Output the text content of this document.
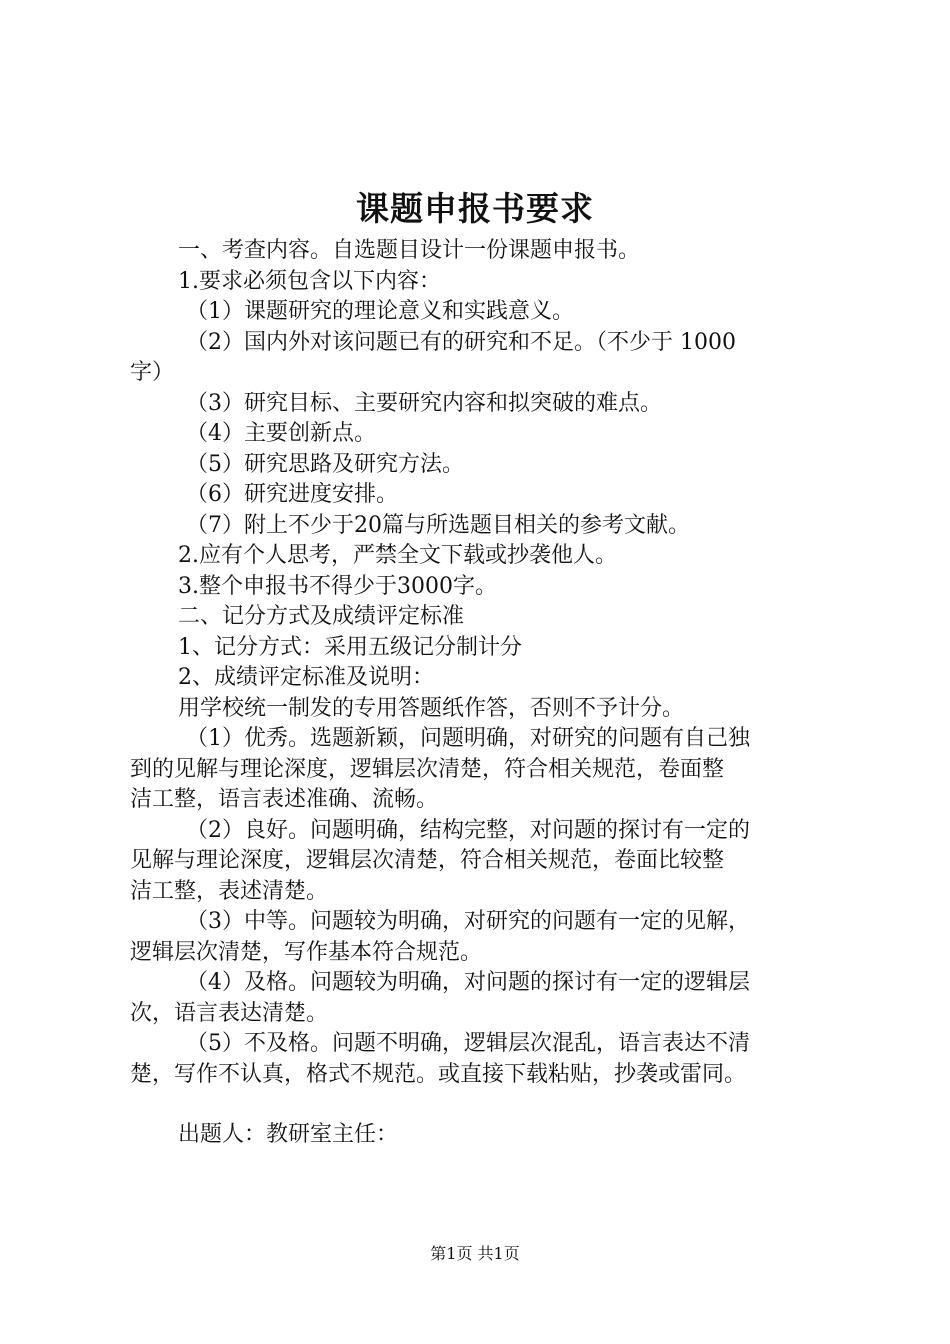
课题申报书要求

一、考查内容。自选题目设计一份课题申报书。

1.要求必须包含以下内容：

（1）课题研究的理论意义和实践意义。

（2）国内外对该问题已有的研究和不足。（不少于 1000

字）

（3）研究目标、主要研究内容和拟突破的难点。

（4）主要创新点。

（5）研究思路及研究方法。

（6）研究进度安排。

（7）附上不少于20篇与所选题目相关的参考文献。

2.应有个人思考，严禁全文下载或抄袭他人。

3.整个申报书不得少于3000字。

二、记分方式及成绩评定标准

1、记分方式：采用五级记分制计分

2、成绩评定标准及说明：

用学校统一制发的专用答题纸作答，否则不予计分。

（1）优秀。选题新颖，问题明确，对研究的问题有自己独

到的见解与理论深度，逻辑层次清楚，符合相关规范，卷面整

洁工整，语言表述准确、流畅。

（2）良好。问题明确，结构完整，对问题的探讨有一定的

见解与理论深度，逻辑层次清楚，符合相关规范，卷面比较整

洁工整，表述清楚。

（3）中等。问题较为明确，对研究的问题有一定的见解，

逻辑层次清楚，写作基本符合规范。

（4）及格。问题较为明确，对问题的探讨有一定的逻辑层

次，语言表达清楚。

（5）不及格。问题不明确，逻辑层次混乱，语言表达不清

楚，写作不认真，格式不规范。或直接下载粘贴，抄袭或雷同。

出题人：教研室主任：

第1页 共1页
